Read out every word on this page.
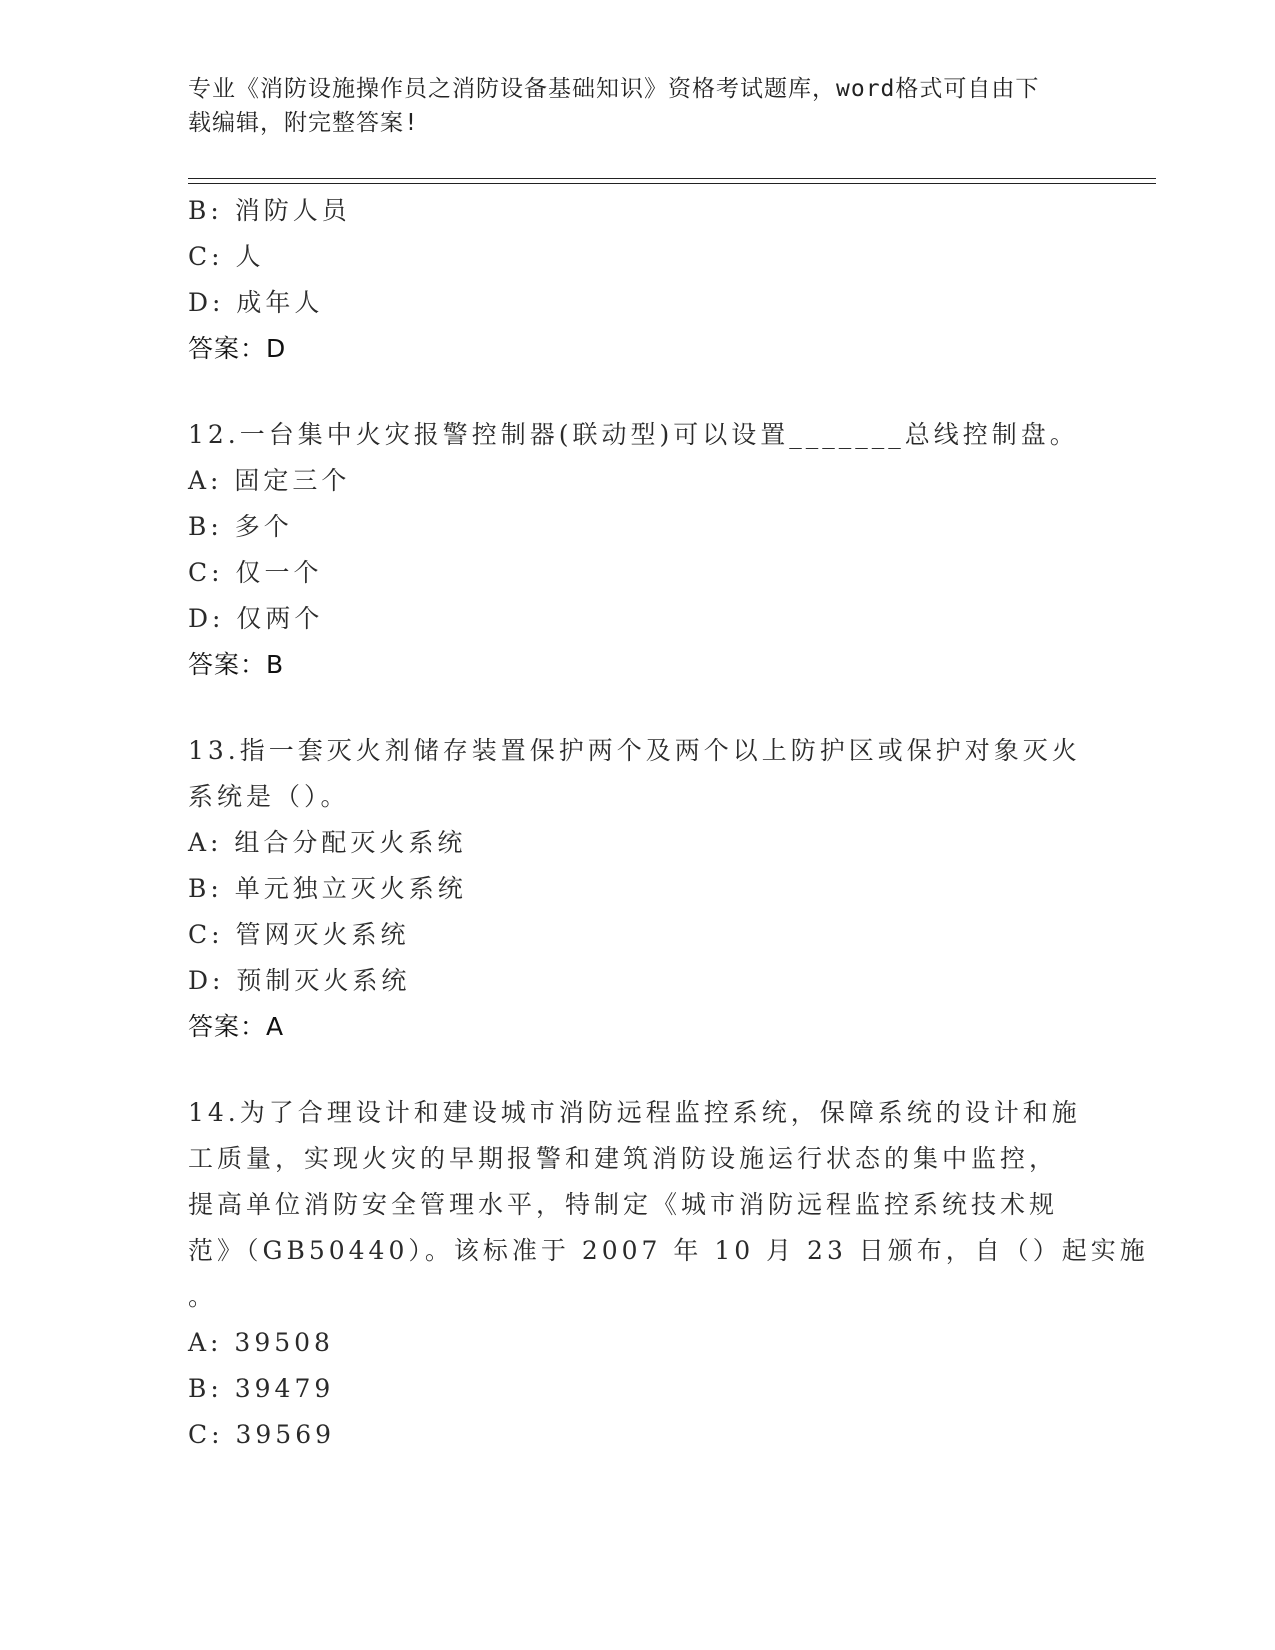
专业《消防设施操作员之消防设备基础知识》资格考试题库，word格式可自由下
载编辑，附完整答案!
B: 消防人员
C: 人
D: 成年人
答案：D
12.一台集中火灾报警控制器(联动型)可以设置_______总线控制盘。
A: 固定三个
B: 多个
C: 仅一个
D: 仅两个
答案：B
13.指一套灭火剂储存装置保护两个及两个以上防护区或保护对象灭火
系统是（）。
A: 组合分配灭火系统
B: 单元独立灭火系统
C: 管网灭火系统
D: 预制灭火系统
答案：A
14.为了合理设计和建设城市消防远程监控系统，保障系统的设计和施
工质量，实现火灾的早期报警和建筑消防设施运行状态的集中监控，
提高单位消防安全管理水平，特制定《城市消防远程监控系统技术规
范》（GB50440）。该标准于 2007 年 10 月 23 日颁布，自（）起实施
。
A: 39508
B: 39479
C: 39569
